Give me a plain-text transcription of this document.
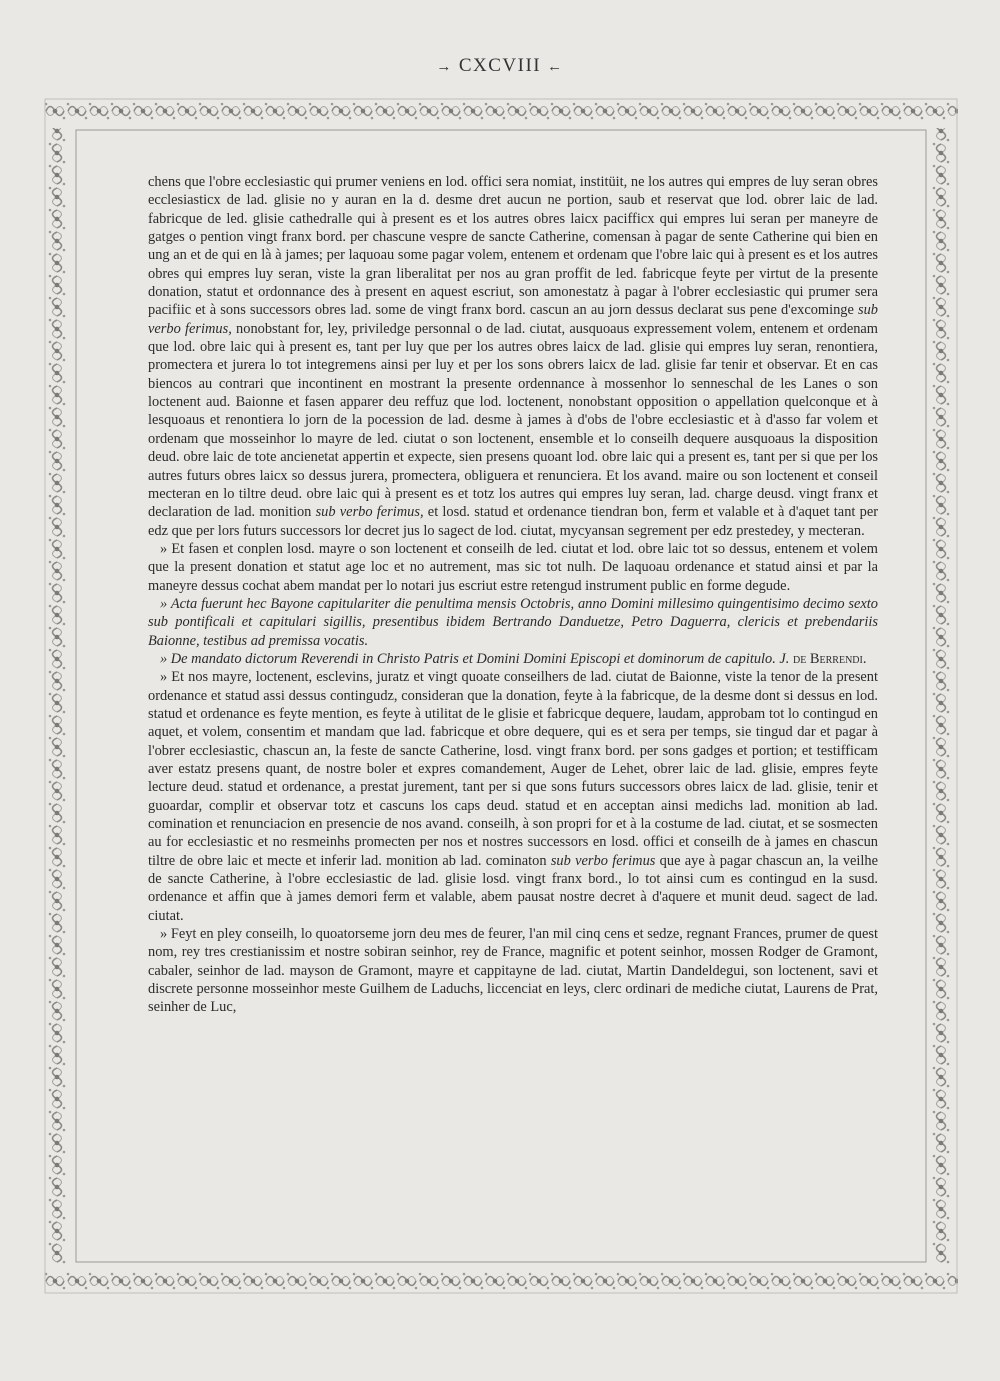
→ CXCVIII ←

chens que l'obre ecclesiastic qui prumer veniens en lod. offici sera nomiat, institüit, ne los autres qui empres de luy seran obres ecclesiasticx de lad. glisie no y auran en la d. desme dret aucun ne portion, saub et reservat que lod. obrer laic de lad. fabricque de led. glisie cathedralle qui à present es et los autres obres laicx pacifficx qui empres lui seran per maneyre de gatges o pention vingt franx bord. per chascune vespre de sancte Catherine, comensan à pagar de sente Catherine qui bien en ung an et de qui en là à james; per laquoau some pagar volem, entenem et ordenam que l'obre laic qui à present es et los autres obres qui empres luy seran, viste la gran liberalitat per nos au gran proffit de led. fabricque feyte per virtut de la presente donation, statut et ordonnance des à present en aquest escriut, son amonestatz à pagar à l'obrer ecclesiastic qui prumer sera pacifiic et à sons successors obres lad. some de vingt franx bord. cascun an au jorn dessus declarat sus pene d'excominge sub verbo ferimus, nonobstant for, ley, priviledge personnal o de lad. ciutat, ausquoaus expressement volem, entenem et ordenam que lod. obre laic qui à present es, tant per luy que per los autres obres laicx de lad. glisie qui empres luy seran, renontiera, promectera et jurera lo tot integremens ainsi per luy et per los sons obrers laicx de lad. glisie far tenir et observar. Et en cas biencos au contrari que incontinent en mostrant la presente ordennance à mossenhor lo senneschal de les Lanes o son loctenent aud. Baionne et fasen apparer deu reffuz que lod. loctenent, nonobstant opposition o appellation quelconque et à lesquoaus et renontiera lo jorn de la pocession de lad. desme à james à d'obs de l'obre ecclesiastic et à d'asso far volem et ordenam que mosseinhor lo mayre de led. ciutat o son loctenent, ensemble et lo conseilh dequere ausquoaus la disposition deud. obre laic de tote ancienetat appertin et expecte, sien presens quoant lod. obre laic qui a present es, tant per si que per los autres futurs obres laicx so dessus jurera, promectera, obliguera et renunciera. Et los avand. maire ou son loctenent et conseil mecteran en lo tiltre deud. obre laic qui à present es et totz los autres qui empres luy seran, lad. charge deusd. vingt franx et declaration de lad. monition sub verbo ferimus, et losd. statud et ordenance tiendran bon, ferm et valable et à d'aquet tant per edz que per lors futurs successors lor decret jus lo sagect de lod. ciutat, mycyansan segrement per edz prestedey, y mecteran.

» Et fasen et conplen losd. mayre o son loctenent et conseilh de led. ciutat et lod. obre laic tot so dessus, entenem et volem que la present donation et statut age loc et no autrement, mas sic tot nulh. De laquoau ordenance et statud ainsi et par la maneyre dessus cochat abem mandat per lo notari jus escriut estre retengud instrument public en forme degude.

» Acta fuerunt hec Bayone capitulariter die penultima mensis Octobris, anno Domini millesimo quingentisimo decimo sexto sub pontificali et capitulari sigillis, presentibus ibidem Bertrando Danduetze, Petro Daguerra, clericis et prebendariis Baionne, testibus ad premissa vocatis.

» De mandato dictorum Reverendi in Christo Patris et Domini Domini Episcopi et dominorum de capitulo. J. de Berrendi.

» Et nos mayre, loctenent, esclevins, juratz et vingt quoate conseilhers de lad. ciutat de Baionne, viste la tenor de la present ordenance et statud assi dessus contingudz, consideran que la donation, feyte à la fabricque, de la desme dont si dessus en lod. statud et ordenance es feyte mention, es feyte à utilitat de le glisie et fabricque dequere, laudam, approbam tot lo contingud en aquet, et volem, consentim et mandam que lad. fabricque et obre dequere, qui es et sera per temps, sie tingud dar et pagar à l'obrer ecclesiastic, chascun an, la feste de sancte Catherine, losd. vingt franx bord. per sons gadges et portion; et testifficam aver estatz presens quant, de nostre boler et expres comandement, Auger de Lehet, obrer laic de lad. glisie, empres feyte lecture deud. statud et ordenance, a prestat jurement, tant per si que sons futurs successors obres laicx de lad. glisie, tenir et guoardar, complir et observar totz et cascuns los caps deud. statud et en acceptan ainsi medichs lad. monition ab lad. comination et renunciacion en presencie de nos avand. conseilh, à son propri for et à la costume de lad. ciutat, et se sosmecten au for ecclesiastic et no resmeinhs promecten per nos et nostres successors en losd. offici et conseilh de à james en chascun tiltre de obre laic et mecte et inferir lad. monition ab lad. cominaton sub verbo ferimus que aye à pagar chascun an, la veilhe de sancte Catherine, à l'obre ecclesiastic de lad. glisie losd. vingt franx bord., lo tot ainsi cum es contingud en la susd. ordenance et affin que à james demori ferm et valable, abem pausat nostre decret à d'aquere et munit deud. sagect de lad. ciutat.

» Feyt en pley conseilh, lo quoatorseme jorn deu mes de feurer, l'an mil cinq cens et sedze, regnant Frances, prumer de quest nom, rey tres crestianissim et nostre sobiran seinhor, rey de France, magnific et potent seinhor, mossen Rodger de Gramont, cabaler, seinhor de lad. mayson de Gramont, mayre et cappitayne de lad. ciutat, Martin Dandeldegui, son loctenent, savi et discrete personne mosseinhor meste Guilhem de Laduchs, liccenciat en leys, clerc ordinari de mediche ciutat, Laurens de Prat, seinher de Luc,
